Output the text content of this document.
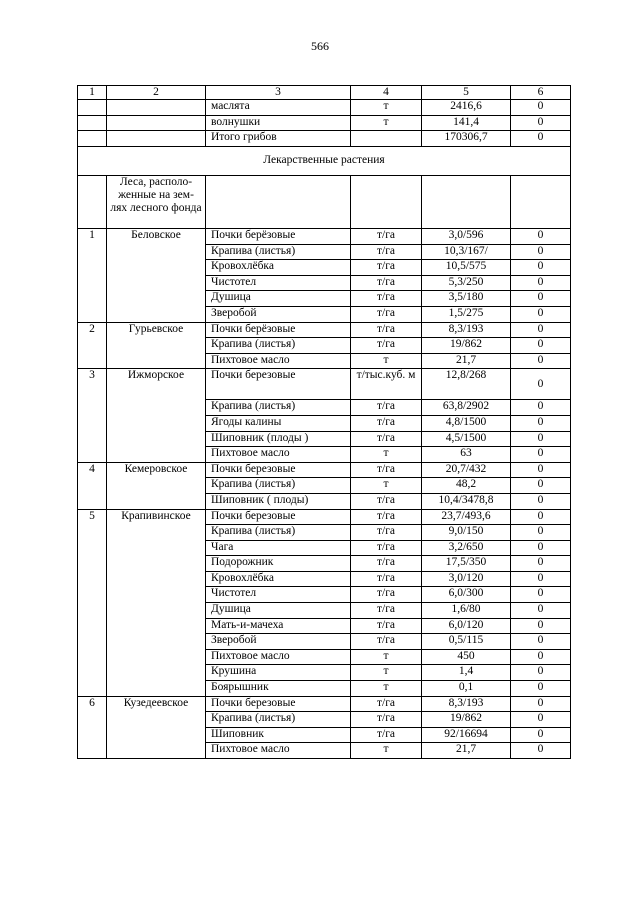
566
1	2	3	4	5	6
		маслята	т	2416,6	0
		волнушки	т	141,4	0
		Итого грибов		170306,7	0
Лекарственные растения					
	Леса, располо-женные на зем-лях лесного фонда				
1	Беловское	Почки берёзовые	т/га	3,0/596	0
		Крапива (листья)	т/га	10,3/167/	0
		Кровохлёбка	т/га	10,5/575	0
		Чистотел	т/га	5,3/250	0
		Душица	т/га	3,5/180	0
		Зверобой	т/га	1,5/275	0
2	Гурьевское	Почки берёзовые	т/га	8,3/193	0
		Крапива (листья)	т/га	19/862	0
		Пихтовое масло	т	21,7	0
3	Ижморское	Почки березовые	т/тыс.куб. м	12,8/268	0
		Крапива (листья)	т/га	63,8/2902	0
		Ягоды калины	т/га	4,8/1500	0
		Шиповник (плоды )	т/га	4,5/1500	0
		Пихтовое масло	т	63	0
4	Кемеровское	Почки березовые	т/га	20,7/432	0
		Крапива (листья)	т	48,2	0
		Шиповник ( плоды)	т/га	10,4/3478,8	0
5	Крапивинское	Почки березовые	т/га	23,7/493,6	0
		Крапива (листья)	т/га	9,0/150	0
		Чага	т/га	3,2/650	0
		Подорожник	т/га	17,5/350	0
		Кровохлёбка	т/га	3,0/120	0
		Чистотел	т/га	6,0/300	0
		Душица	т/га	1,6/80	0
		Мать-и-мачеха	т/га	6,0/120	0
		Зверобой	т/га	0,5/115	0
		Пихтовое масло	т	450	0
		Крушина	т	1,4	0
		Боярышник	т	0,1	0
6	Кузедеевское	Почки березовые	т/га	8,3/193	0
		Крапива (листья)	т/га	19/862	0
		Шиповник	т/га	92/16694	0
		Пихтовое масло	т	21,7	0
